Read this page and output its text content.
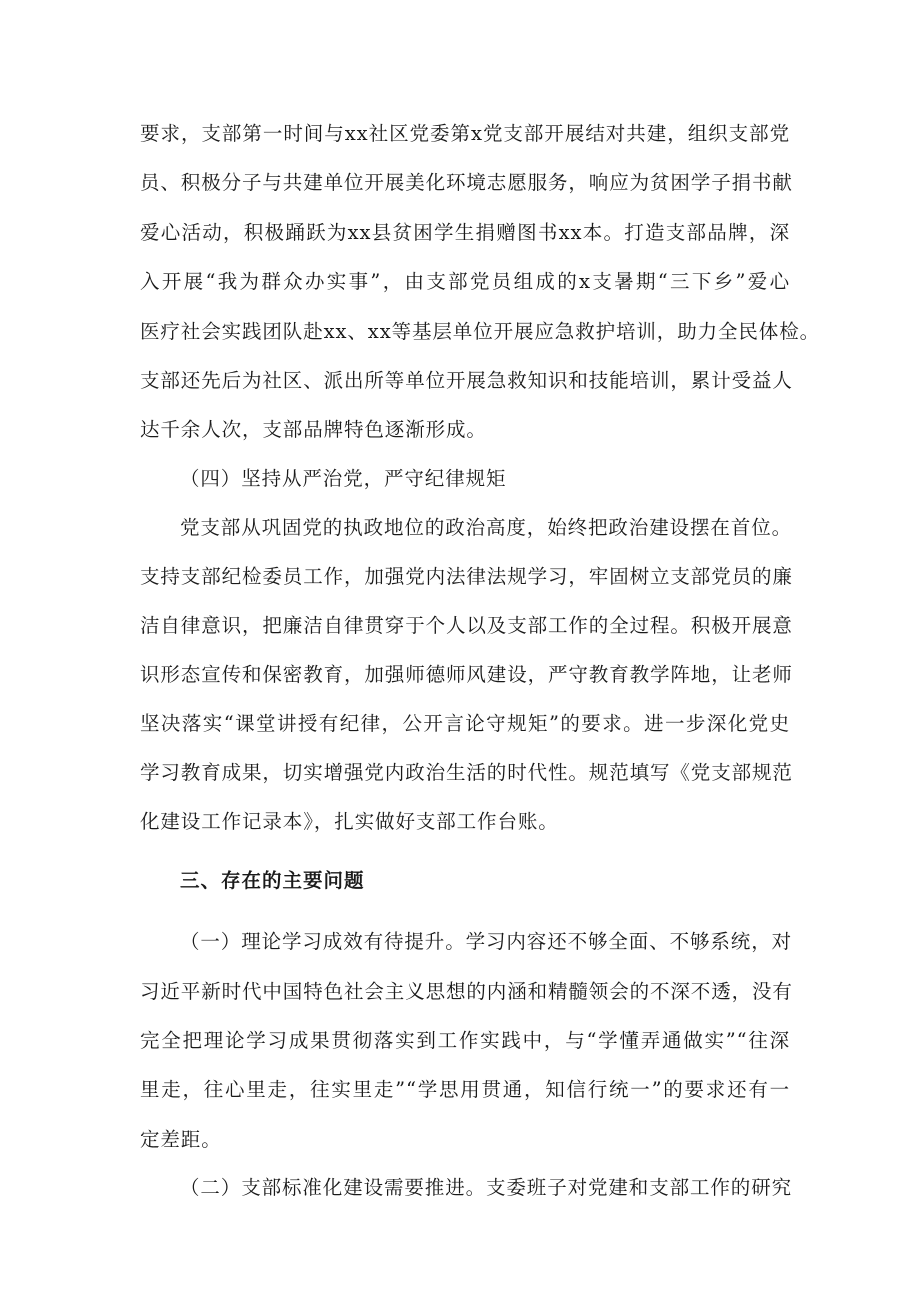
要求，支部第一时间与xx社区党委第x党支部开展结对共建，组织支部党
员、积极分子与共建单位开展美化环境志愿服务，响应为贫困学子捐书献
爱心活动，积极踊跃为xx县贫困学生捐赠图书xx本。打造支部品牌，深
入开展“我为群众办实事”，由支部党员组成的x支暑期“三下乡”爱心
医疗社会实践团队赴xx、xx等基层单位开展应急救护培训，助力全民体检。
支部还先后为社区、派出所等单位开展急救知识和技能培训，累计受益人
达千余人次，支部品牌特色逐渐形成。
（四）坚持从严治党，严守纪律规矩
党支部从巩固党的执政地位的政治高度，始终把政治建设摆在首位。
支持支部纪检委员工作，加强党内法律法规学习，牢固树立支部党员的廉
洁自律意识，把廉洁自律贯穿于个人以及支部工作的全过程。积极开展意
识形态宣传和保密教育，加强师德师风建设，严守教育教学阵地，让老师
坚决落实“课堂讲授有纪律，公开言论守规矩”的要求。进一步深化党史
学习教育成果，切实增强党内政治生活的时代性。规范填写《党支部规范
化建设工作记录本》，扎实做好支部工作台账。
三、存在的主要问题
（一）理论学习成效有待提升。学习内容还不够全面、不够系统，对
习近平新时代中国特色社会主义思想的内涵和精髓领会的不深不透，没有
完全把理论学习成果贯彻落实到工作实践中，与“学懂弄通做实”“往深
里走，往心里走，往实里走”“学思用贯通，知信行统一”的要求还有一
定差距。
（二）支部标准化建设需要推进。支委班子对党建和支部工作的研究
